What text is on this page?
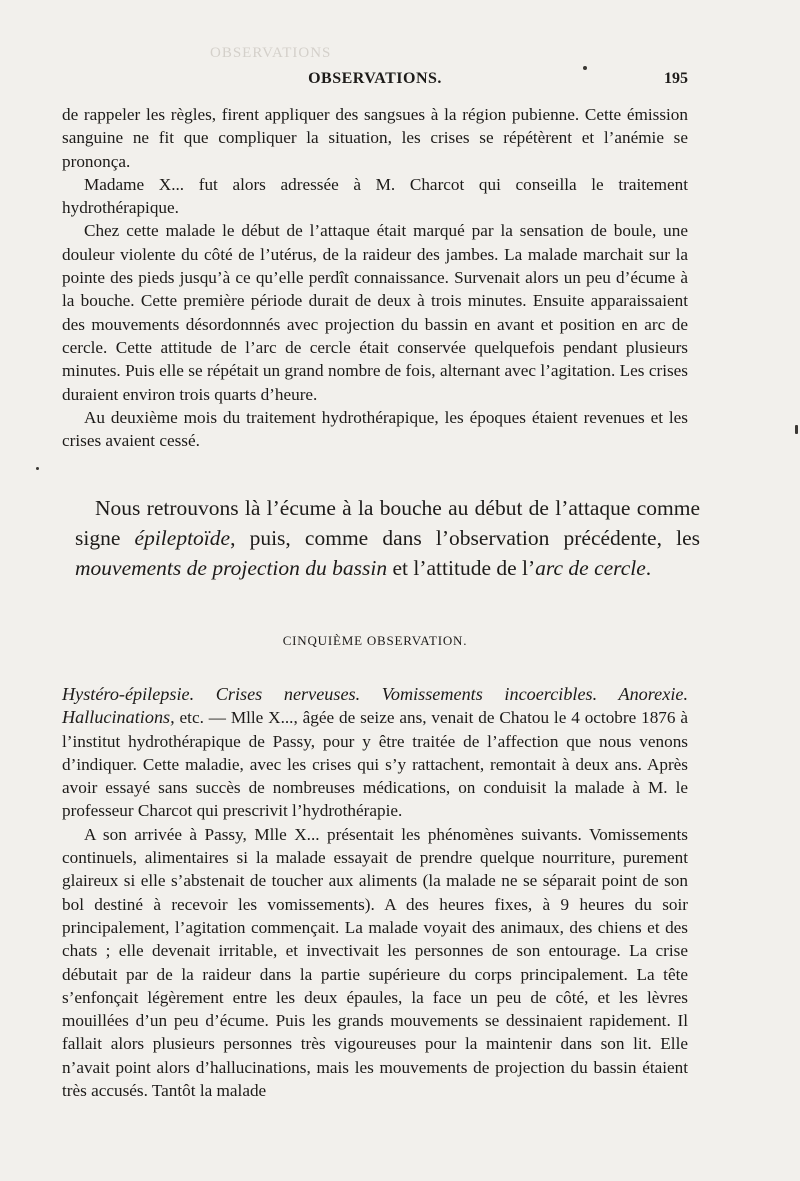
OBSERVATIONS
OBSERVATIONS.	195

de rappeler les règles, firent appliquer des sangsues à la région pubienne. Cette émission sanguine ne fit que compliquer la situation, les crises se répétèrent et l’anémie se prononça.

Madame X... fut alors adressée à M. Charcot qui conseilla le traitement hydrothérapique.

Chez cette malade le début de l’attaque était marqué par la sensation de boule, une douleur violente du côté de l’utérus, de la raideur des jambes. La malade marchait sur la pointe des pieds jusqu’à ce qu’elle perdît connaissance. Survenait alors un peu d’écume à la bouche. Cette première période durait de deux à trois minutes. Ensuite apparaissaient des mouvements désordonnnés avec projection du bassin en avant et position en arc de cercle. Cette attitude de l’arc de cercle était conservée quelquefois pendant plusieurs minutes. Puis elle se répétait un grand nombre de fois, alternant avec l’agitation. Les crises duraient environ trois quarts d’heure.

Au deuxième mois du traitement hydrothérapique, les époques étaient revenues et les crises avaient cessé.

Nous retrouvons là l’écume à la bouche au début de l’attaque comme signe épileptoïde, puis, comme dans l’observation précédente, les mouvements de projection du bassin et l’attitude de l’arc de cercle.

CINQUIÈME OBSERVATION.

Hystéro-épilepsie. Crises nerveuses. Vomissements incoercibles. Anorexie. Hallucinations, etc. — Mlle X..., âgée de seize ans, venait de Chatou le 4 octobre 1876 à l’institut hydrothérapique de Passy, pour y être traitée de l’affection que nous venons d’indiquer. Cette maladie, avec les crises qui s’y rattachent, remontait à deux ans. Après avoir essayé sans succès de nombreuses médications, on conduisit la malade à M. le professeur Charcot qui prescrivit l’hydrothérapie.

A son arrivée à Passy, Mlle X... présentait les phénomènes suivants. Vomissements continuels, alimentaires si la malade essayait de prendre quelque nourriture, purement glaireux si elle s’abstenait de toucher aux aliments (la malade ne se séparait point de son bol destiné à recevoir les vomissements). A des heures fixes, à 9 heures du soir principalement, l’agitation commençait. La malade voyait des animaux, des chiens et des chats ; elle devenait irritable, et invectivait les personnes de son entourage. La crise débutait par de la raideur dans la partie supérieure du corps principalement. La tête s’enfonçait légèrement entre les deux épaules, la face un peu de côté, et les lèvres mouillées d’un peu d’écume. Puis les grands mouvements se dessinaient rapidement. Il fallait alors plusieurs personnes très vigoureuses pour la maintenir dans son lit. Elle n’avait point alors d’hallucinations, mais les mouvements de projection du bassin étaient très accusés. Tantôt la malade
